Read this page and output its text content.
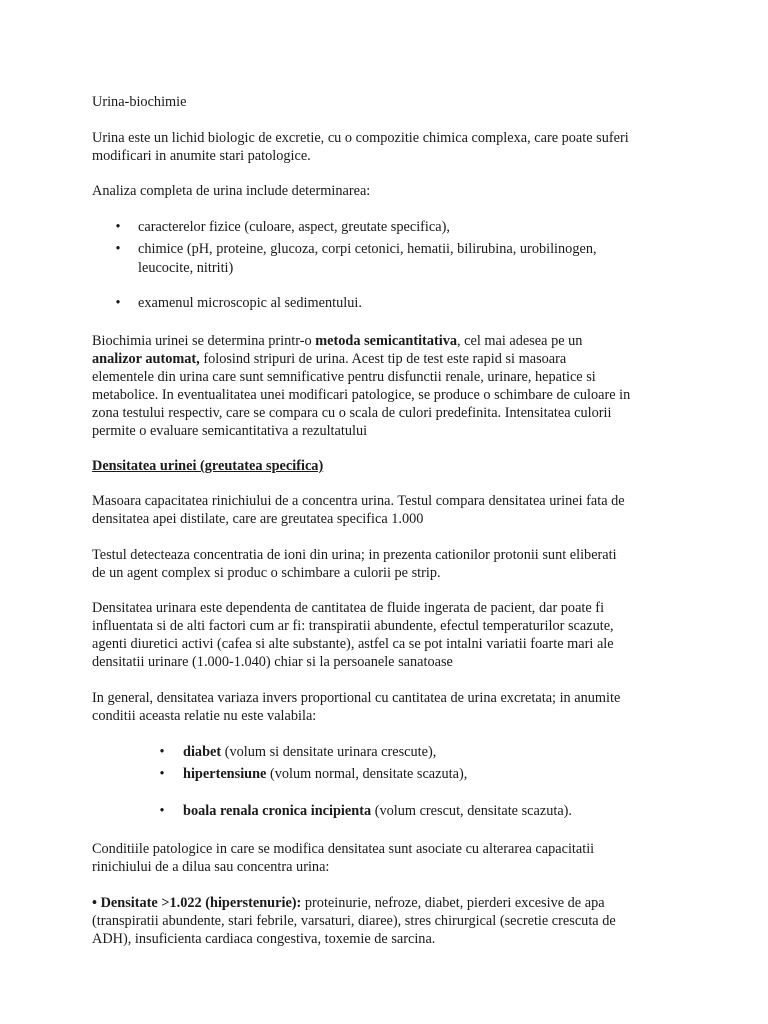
Urina-biochimie

Urina este un lichid biologic de excretie, cu o compozitie chimica complexa, care poate suferi

modificari in anumite stari patologice.

Analiza completa de urina include determinarea:

• caracterelor fizice (culoare, aspect, greutate specifica),

• chimice (pH, proteine, glucoza, corpi cetonici, hematii, bilirubina, urobilinogen,

leucocite, nitriti)

• examenul microscopic al sedimentului.

Biochimia urinei se determina printr-o metoda semicantitativa, cel mai adesea pe un

analizor automat, folosind stripuri de urina. Acest tip de test este rapid si masoara

elementele din urina care sunt semnificative pentru disfunctii renale, urinare, hepatice si

metabolice. In eventualitatea unei modificari patologice, se produce o schimbare de culoare in

zona testului respectiv, care se compara cu o scala de culori predefinita. Intensitatea culorii

permite o evaluare semicantitativa a rezultatului

Densitatea urinei (greutatea specifica)

Masoara capacitatea rinichiului de a concentra urina. Testul compara densitatea urinei fata de

densitatea apei distilate, care are greutatea specifica 1.000

Testul detecteaza concentratia de ioni din urina; in prezenta cationilor protonii sunt eliberati

de un agent complex si produc o schimbare a culorii pe strip.

Densitatea urinara este dependenta de cantitatea de fluide ingerata de pacient, dar poate fi

influentata si de alti factori cum ar fi: transpiratii abundente, efectul temperaturilor scazute,

agenti diuretici activi (cafea si alte substante), astfel ca se pot intalni variatii foarte mari ale

densitatii urinare (1.000-1.040) chiar si la persoanele sanatoase

In general, densitatea variaza invers proportional cu cantitatea de urina excretata; in anumite

conditii aceasta relatie nu este valabila:

• diabet (volum si densitate urinara crescute),

• hipertensiune (volum normal, densitate scazuta),

• boala renala cronica incipienta (volum crescut, densitate scazuta).

Conditiile patologice in care se modifica densitatea sunt asociate cu alterarea capacitatii

rinichiului de a dilua sau concentra urina:

• Densitate >1.022 (hiperstenurie): proteinurie, nefroze, diabet, pierderi excesive de apa

(transpiratii abundente, stari febrile, varsaturi, diaree), stres chirurgical (secretie crescuta de

ADH), insuficienta cardiaca congestiva, toxemie de sarcina.
